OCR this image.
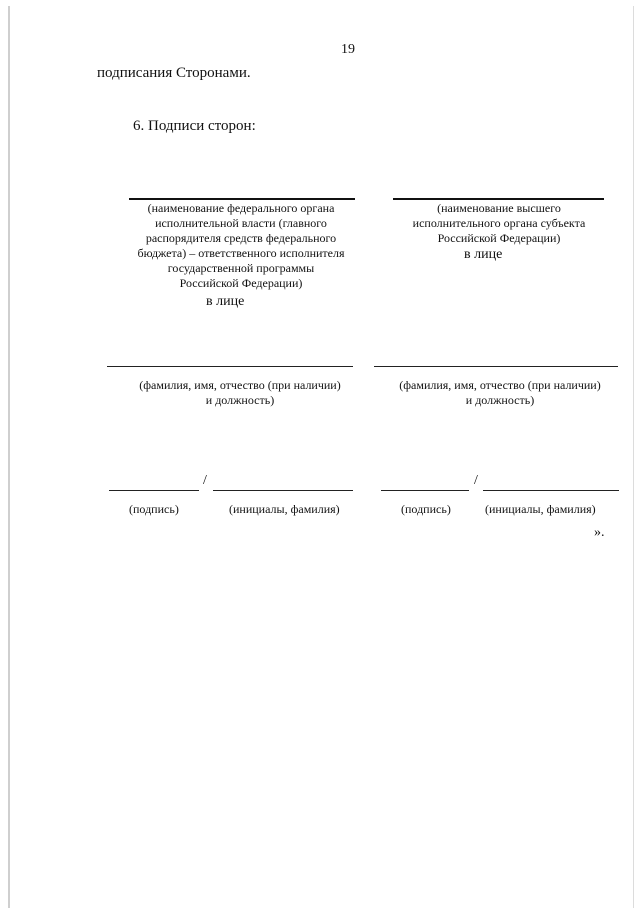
19
подписания Сторонами.
6. Подписи сторон:
(наименование федерального органа
исполнительной власти (главного
распорядителя средств федерального
бюджета) – ответственного исполнителя
государственной программы
Российской Федерации)
в лице
(фамилия, имя, отчество (при наличии)
и должность)
/
(подпись)	(инициалы, фамилия)
(наименование высшего
исполнительного органа субъекта
Российской Федерации)
в лице
(фамилия, имя, отчество (при наличии)
и должность)
/
(подпись)	(инициалы, фамилия)
».
